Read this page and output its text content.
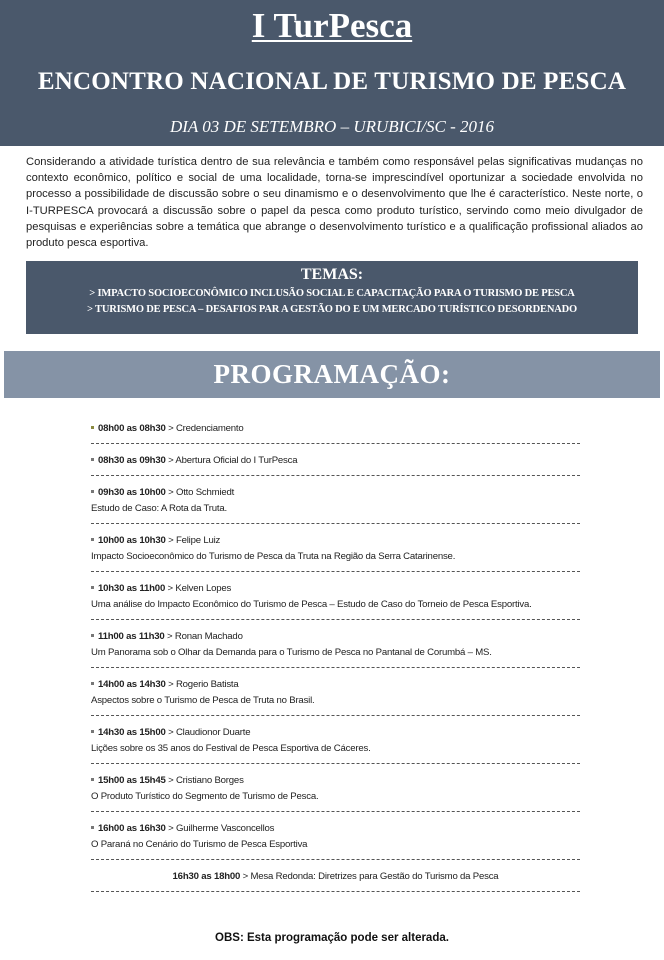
I TurPesca
ENCONTRO NACIONAL DE TURISMO DE PESCA
DIA 03 DE SETEMBRO – URUBICI/SC - 2016

Considerando a atividade turística dentro de sua relevância e também como responsável pelas significativas mudanças no contexto econômico, político e social de uma localidade, torna-se imprescindível oportunizar a sociedade envolvida no processo a possibilidade de discussão sobre o seu dinamismo e o desenvolvimento que lhe é característico. Neste norte, o I-TURPESCA provocará a discussão sobre o papel da pesca como produto turístico, servindo como meio divulgador de pesquisas e experiências sobre a temática que abrange o desenvolvimento turístico e a qualificação profissional aliados ao produto pesca esportiva.

TEMAS:
> IMPACTO SOCIOECONÔMICO INCLUSÃO SOCIAL E CAPACITAÇÃO PARA O TURISMO DE PESCA
> TURISMO DE PESCA – DESAFIOS PAR A GESTÃO DO E UM MERCADO TURÍSTICO DESORDENADO
PROGRAMAÇÃO:
08h00 as 08h30 > Credenciamento
08h30 as 09h30 > Abertura Oficial do I TurPesca
09h30 as 10h00 > Otto Schmiedt
Estudo de Caso: A Rota da Truta.
10h00 as 10h30 > Felipe Luiz
Impacto Socioeconômico do Turismo de Pesca da Truta na Região da Serra Catarinense.
10h30 as 11h00 > Kelven Lopes
Uma análise do Impacto Econômico do Turismo de Pesca – Estudo de Caso do Torneio de Pesca Esportiva.
11h00 as 11h30 > Ronan Machado
Um Panorama sob o Olhar da Demanda para o Turismo de Pesca no Pantanal de Corumbá – MS.
14h00 as 14h30 > Rogerio Batista
Aspectos sobre o Turismo de Pesca de Truta no Brasil.
14h30 as 15h00 > Claudionor Duarte
Lições sobre os 35 anos do Festival de Pesca Esportiva de Cáceres.
15h00 as 15h45 > Cristiano Borges
O Produto Turístico do Segmento de Turismo de Pesca.
16h00 as 16h30 > Guilherme Vasconcellos
O Paraná no Cenário do Turismo de Pesca Esportiva
16h30 as 18h00 > Mesa Redonda: Diretrizes para Gestão do Turismo da Pesca
OBS: Esta programação pode ser alterada.
